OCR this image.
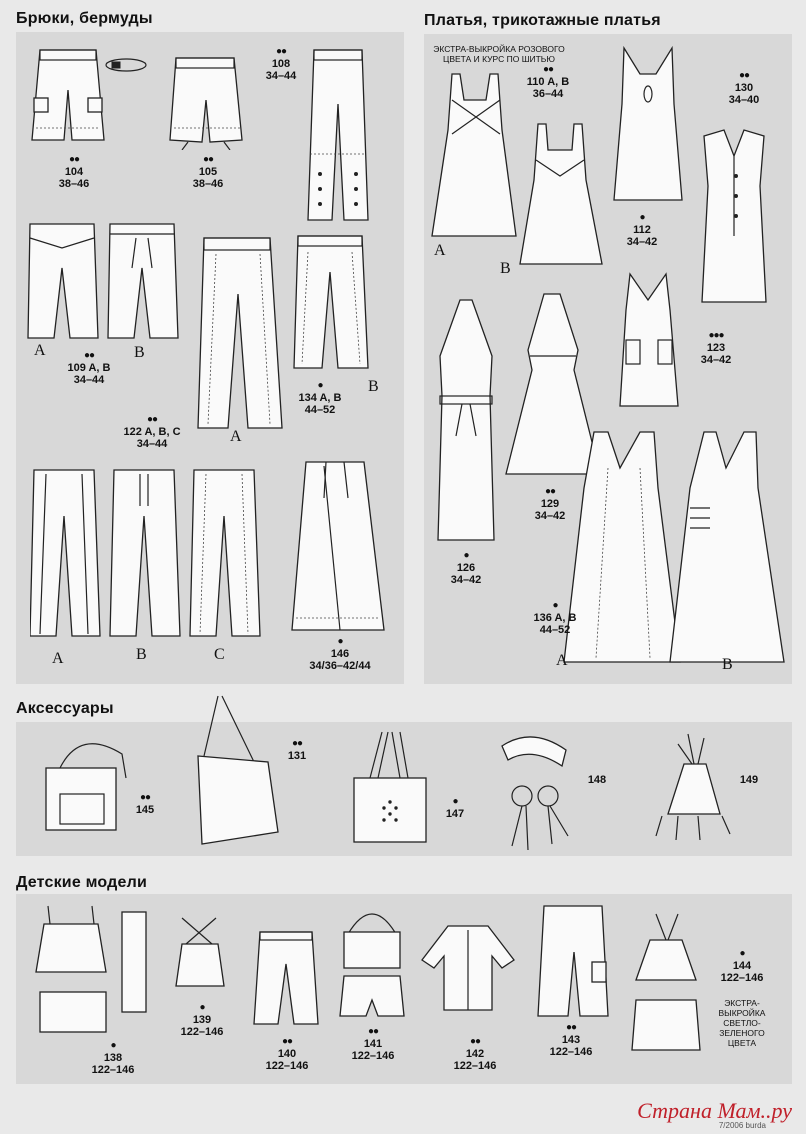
Брюки, бермуды	Платья, трикотажные платья
Аксессуары
Детские модели
●●
104
38–46
●●
105
38–46
●●
108
34–44
A	B
●●
109 A, B
34–44
●●
122 A, B, C
34–44	A
●
134 A, B
44–52
B
A	B	C
●
146
34/36–42/44
ЭКСТРА-ВЫКРОЙКА РОЗОВОГО ЦВЕТА И КУРС ПО ШИТЬЮ
A
●●
110 A, B
36–44
B
●
112
34–42
●●
130
34–40
●●●
123
34–42
●
126
34–42
●●
129
34–42
●
136 A, B
44–52
A	B
●●
145
●●
131
●
147
148	149
●
138
122–146
●
139
122–146
●●
140
122–146
●●
141
122–146
●●
142
122–146
●●
143
122–146
●
144
122–146
ЭКСТРА-ВЫКРОЙКА СВЕТЛО-ЗЕЛЕНОГО ЦВЕТА
7/2006 burda
Страна Мам..ру
